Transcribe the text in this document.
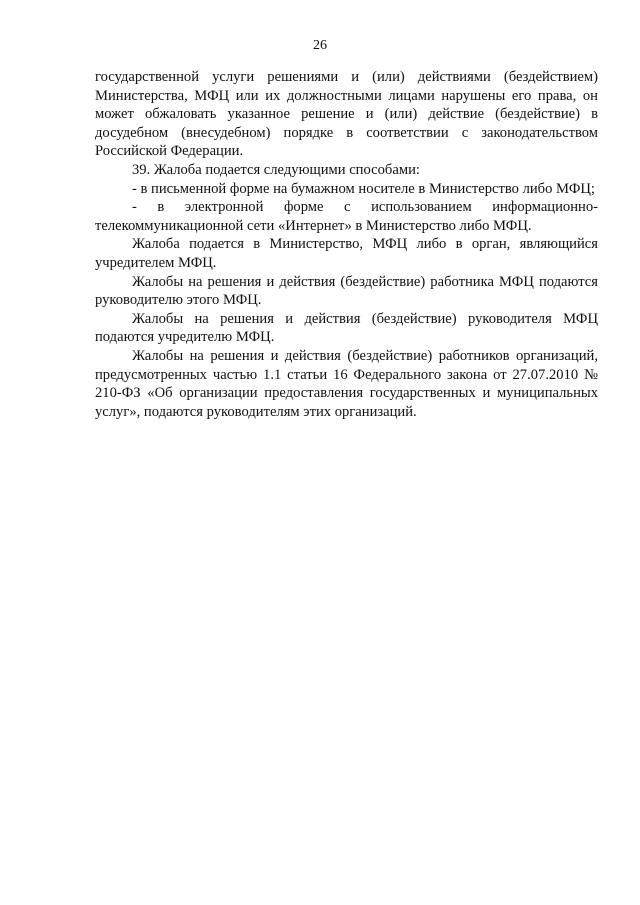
26

государственной услуги решениями и (или) действиями (бездействием) Министерства, МФЦ или их должностными лицами нарушены его права, он может обжаловать указанное решение и (или) действие (бездействие) в досудебном (внесудебном) порядке в соответствии с законодательством Российской Федерации.

39. Жалоба подается следующими способами:

- в письменной форме на бумажном носителе в Министерство либо МФЦ;

- в электронной форме с использованием информационно-телекоммуникационной сети «Интернет» в Министерство либо МФЦ.

Жалоба подается в Министерство, МФЦ либо в орган, являющийся учредителем МФЦ.

Жалобы на решения и действия (бездействие) работника МФЦ подаются руководителю этого МФЦ.

Жалобы на решения и действия (бездействие) руководителя МФЦ подаются учредителю МФЦ.

Жалобы на решения и действия (бездействие) работников организаций, предусмотренных частью 1.1 статьи 16 Федерального закона от 27.07.2010 № 210-ФЗ «Об организации предоставления государственных и муниципальных услуг», подаются руководителям этих организаций.
